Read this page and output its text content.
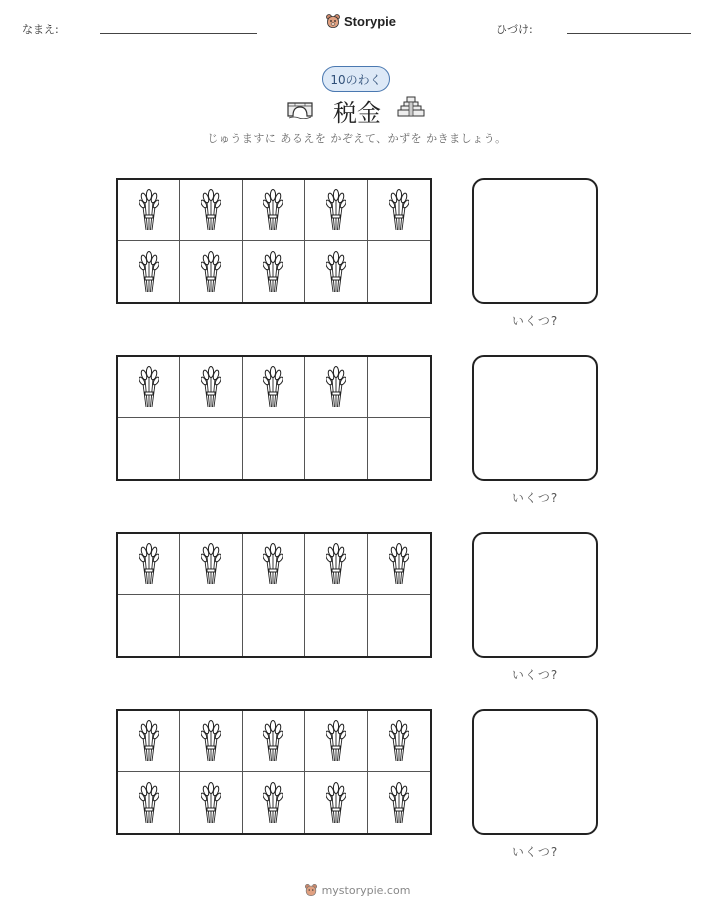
なまえ:
Storypie
ひづけ:
10のわく
税金
じゅうますに あるえを かぞえて、かずを かきましょう。
いくつ?
いくつ?
いくつ?
いくつ?
mystorypie.com
